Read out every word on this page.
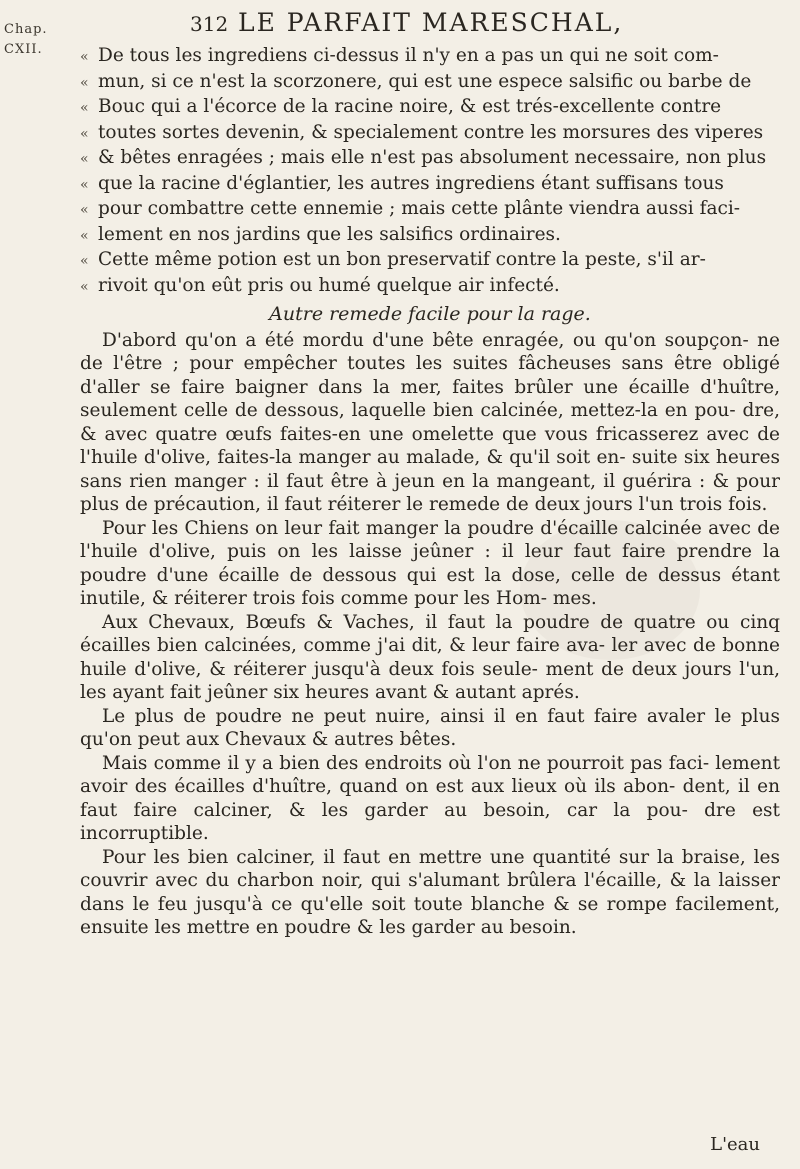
Chap.
CXII.
312 LE PARFAIT MARESCHAL,
« De tous les ingrediens ci-dessus il n'y en a pas un qui ne soit com-
« mun, si ce n'est la scorzonere, qui est une espece salsific ou barbe de
« Bouc qui a l'écorce de la racine noire, & est trés-excellente contre
« toutes sortes devenin, & specialement contre les morsures des viperes
« & bêtes enragées ; mais elle n'est pas absolument necessaire, non plus
« que la racine d'églantier, les autres ingrediens étant suffisans tous
« pour combattre cette ennemie ; mais cette plânte viendra aussi faci-
« lement en nos jardins que les salsifics ordinaires.
« Cette même potion est un bon preservatif contre la peste, s'il ar-
« rivoit qu'on eût pris ou humé quelque air infecté.
Autre remede facile pour la rage.

D'abord qu'on a été mordu d'une bête enragée, ou qu'on soupçon- ne de l'être ; pour empêcher toutes les suites fâcheuses sans être obligé d'aller se faire baigner dans la mer, faites brûler une écaille d'huître, seulement celle de dessous, laquelle bien calcinée, mettez-la en pou- dre, & avec quatre œufs faites-en une omelette que vous fricasserez avec de l'huile d'olive, faites-la manger au malade, & qu'il soit en- suite six heures sans rien manger : il faut être à jeun en la mangeant, il guérira : & pour plus de précaution, il faut réiterer le remede de deux jours l'un trois fois.

Pour les Chiens on leur fait manger la poudre d'écaille calcinée avec de l'huile d'olive, puis on les laisse jeûner : il leur faut faire prendre la poudre d'une écaille de dessous qui est la dose, celle de dessus étant inutile, & réiterer trois fois comme pour les Hom- mes.

Aux Chevaux, Bœufs & Vaches, il faut la poudre de quatre ou cinq écailles bien calcinées, comme j'ai dit, & leur faire ava- ler avec de bonne huile d'olive, & réiterer jusqu'à deux fois seule- ment de deux jours l'un, les ayant fait jeûner six heures avant & autant aprés.

Le plus de poudre ne peut nuire, ainsi il en faut faire avaler le plus qu'on peut aux Chevaux & autres bêtes.

Mais comme il y a bien des endroits où l'on ne pourroit pas faci- lement avoir des écailles d'huître, quand on est aux lieux où ils abon- dent, il en faut faire calciner, & les garder au besoin, car la pou- dre est incorruptible.

Pour les bien calciner, il faut en mettre une quantité sur la braise, les couvrir avec du charbon noir, qui s'alumant brûlera l'écaille, & la laisser dans le feu jusqu'à ce qu'elle soit toute blanche & se rompe facilement, ensuite les mettre en poudre & les garder au besoin.

L'eau
